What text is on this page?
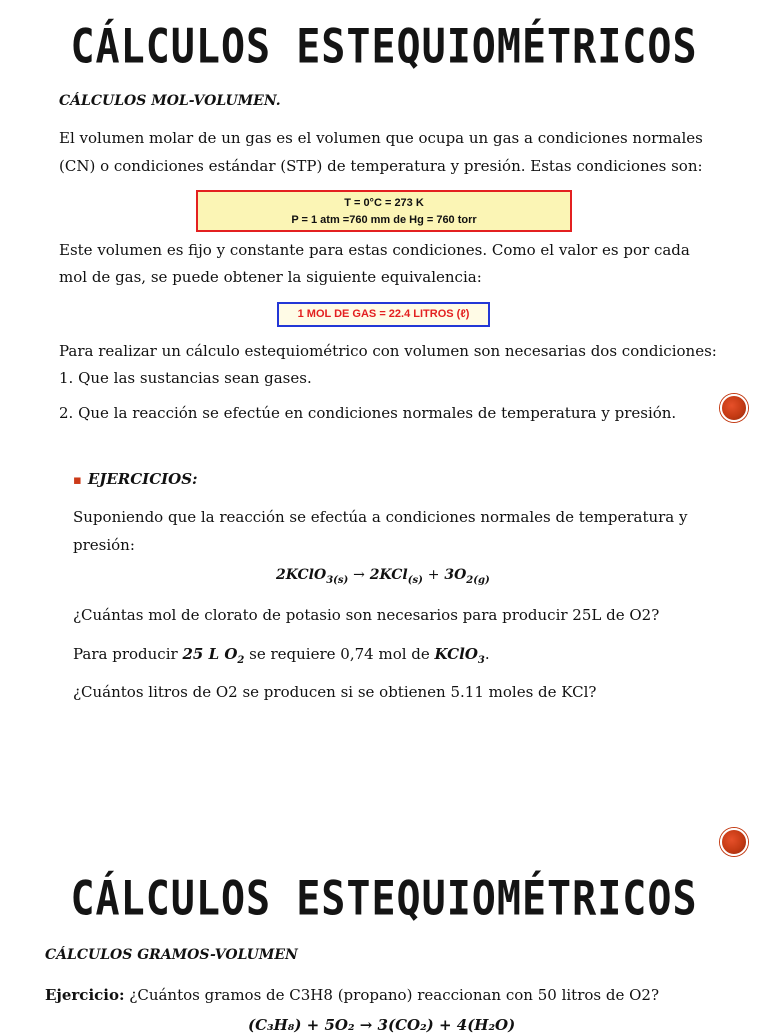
CÁLCULOS ESTEQUIOMÉTRICOS

CÁLCULOS MOL-VOLUMEN.

El volumen molar de un gas es el volumen que ocupa un gas a condiciones normales

(CN) o condiciones estándar (STP) de temperatura y presión. Estas condiciones son:

T = 0°C = 273 K
P = 1 atm =760 mm de Hg = 760 torr

Este volumen es fijo y constante para estas condiciones. Como el valor es por cada

mol de gas, se puede obtener la siguiente equivalencia:

1 MOL DE GAS = 22.4 LITROS (ℓ)

Para realizar un cálculo estequiométrico con volumen son necesarias dos condiciones:

1. Que las sustancias sean gases.

2. Que la reacción se efectúe en condiciones normales de temperatura y presión.

▪ EJERCICIOS:

Suponiendo que la reacción se efectúa a condiciones normales de temperatura y

presión:

2KClO$_{3(s)}$ → $2KCl_{(s)} + 3O_{2(g)}$

¿Cuántas mol de clorato de potasio son necesarios para producir 25L de O2?

Para producir 25 L $O_2$ se requiere 0,74 mol de KClO$_3$.

¿Cuántos litros de O2 se producen si se obtienen 5.11 moles de KCl?

CÁLCULOS ESTEQUIOMÉTRICOS

CÁLCULOS GRAMOS-VOLUMEN

Ejercicio: ¿Cuántos gramos de C3H8 (propano) reaccionan con 50 litros de O2?

(C₃H₈) + 5O₂ → 3(CO₂) + 4(H₂O)
